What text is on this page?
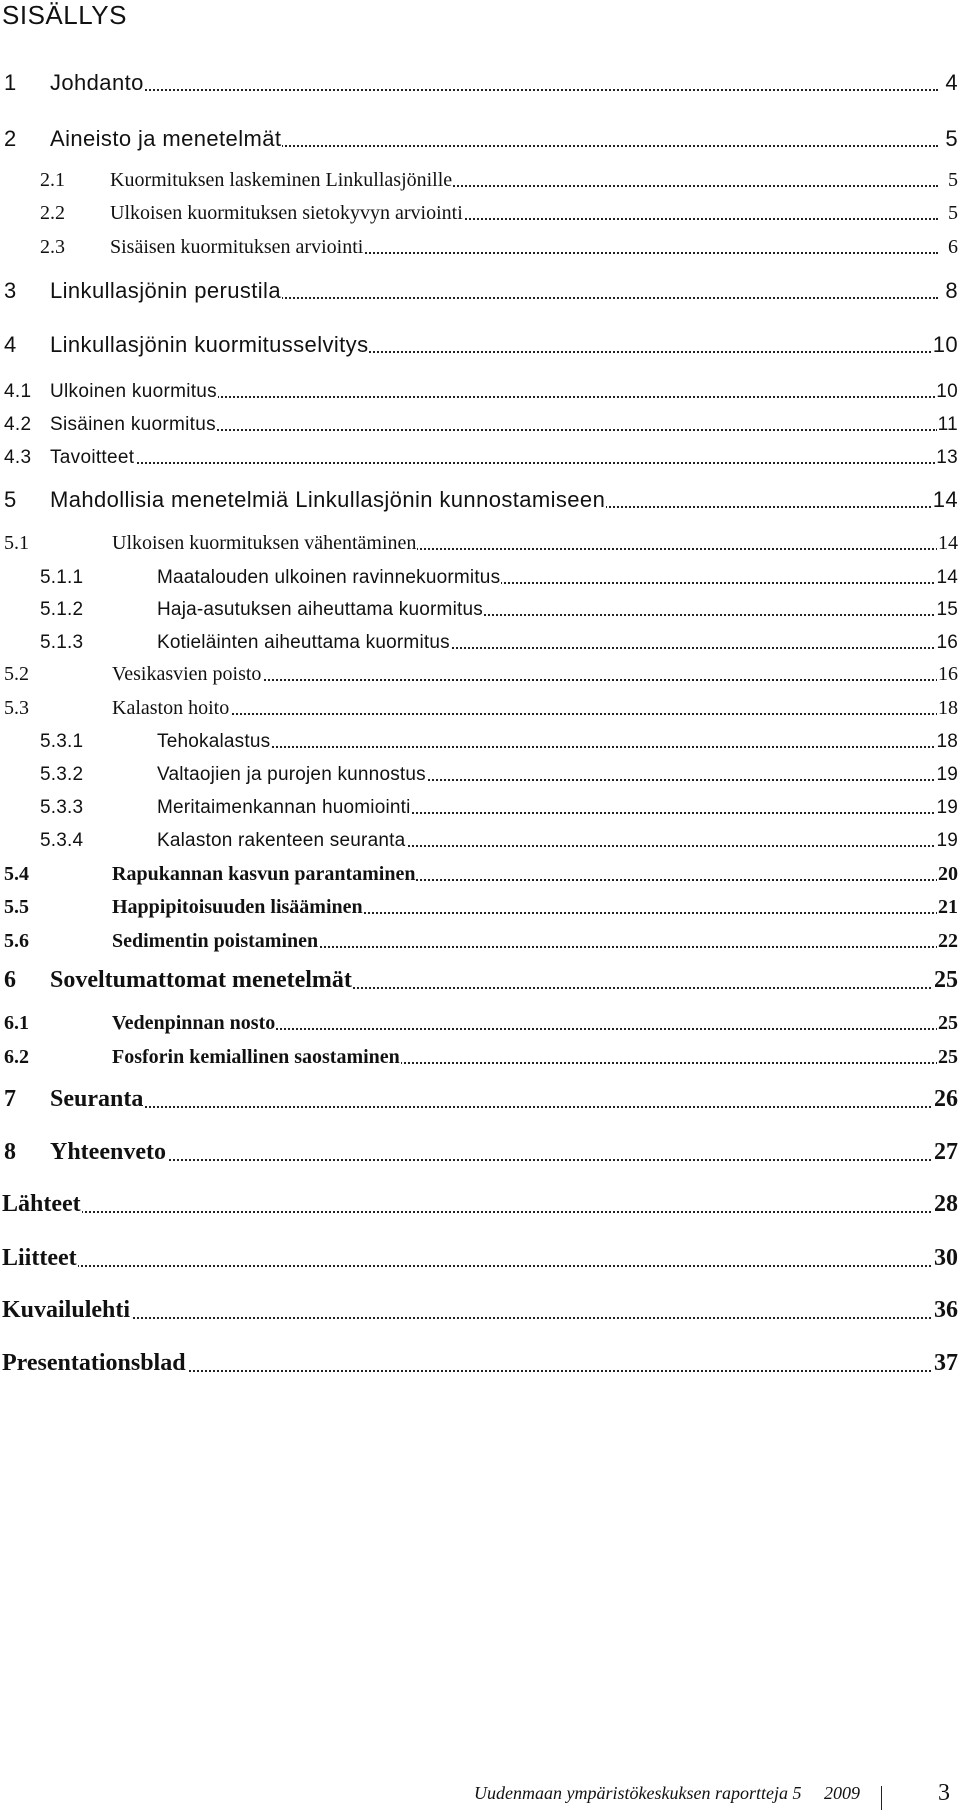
SISÄLLYS
1 Johdanto	4
2 Aineisto ja menetelmät	5
2.1 Kuormituksen laskeminen Linkullasjönille	5
2.2 Ulkoisen kuormituksen sietokyvyn arviointi	5
2.3 Sisäisen kuormituksen arviointi	6
3 Linkullasjönin perustila	8
4 Linkullasjönin kuormitusselvitys	10
4.1 Ulkoinen kuormitus	10
4.2 Sisäinen kuormitus	11
4.3 Tavoitteet	13
5 Mahdollisia menetelmiä Linkullasjönin kunnostamiseen	14
5.1	Ulkoisen kuormituksen vähentäminen	14
5.1.1	Maatalouden ulkoinen ravinnekuormitus	14
5.1.2	Haja-asutuksen aiheuttama kuormitus	15
5.1.3	Kotieläinten aiheuttama kuormitus	16
5.2	Vesikasvien poisto	16
5.3	Kalaston hoito	18
5.3.1	Tehokalastus	18
5.3.2	Valtaojien ja purojen kunnostus	19
5.3.3	Meritaimenkannan huomiointi	19
5.3.4	Kalaston rakenteen seuranta	19
5.4	Rapukannan kasvun parantaminen	20
5.5	Happipitoisuuden lisääminen	21
5.6	Sedimentin poistaminen	22
6 Soveltumattomat menetelmät	25
6.1	Vedenpinnan nosto	25
6.2	Fosforin kemiallinen saostaminen	25
7 Seuranta	26
8 Yhteenveto	27
Lähteet	28
Liitteet	30
Kuvailulehti	36
Presentationsblad	37
Uudenmaan ympäristökeskuksen raportteja 5 2009	3
